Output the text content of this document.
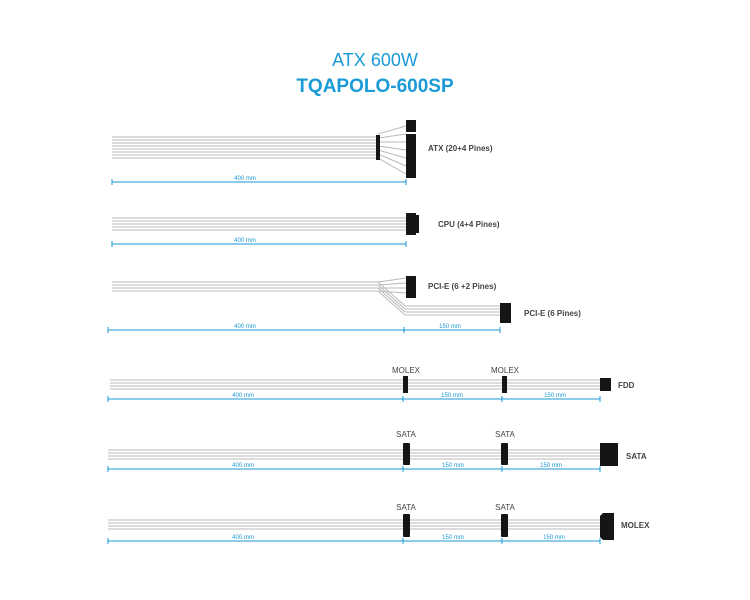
ATX 600W
TQAPOLO-600SP
ATX (20+4 Pines)
400 mm
CPU (4+4 Pines)
400 mm
PCI-E (6 +2 Pines)
PCI-E (6 Pines)
400 mm	150 mm
MOLEX	MOLEX
FDD
400 mm	150 mm	150 mm
SATA	SATA
SATA
400 mm	150 mm	150 mm
SATA	SATA
MOLEX
400 mm	150 mm	150 mm
